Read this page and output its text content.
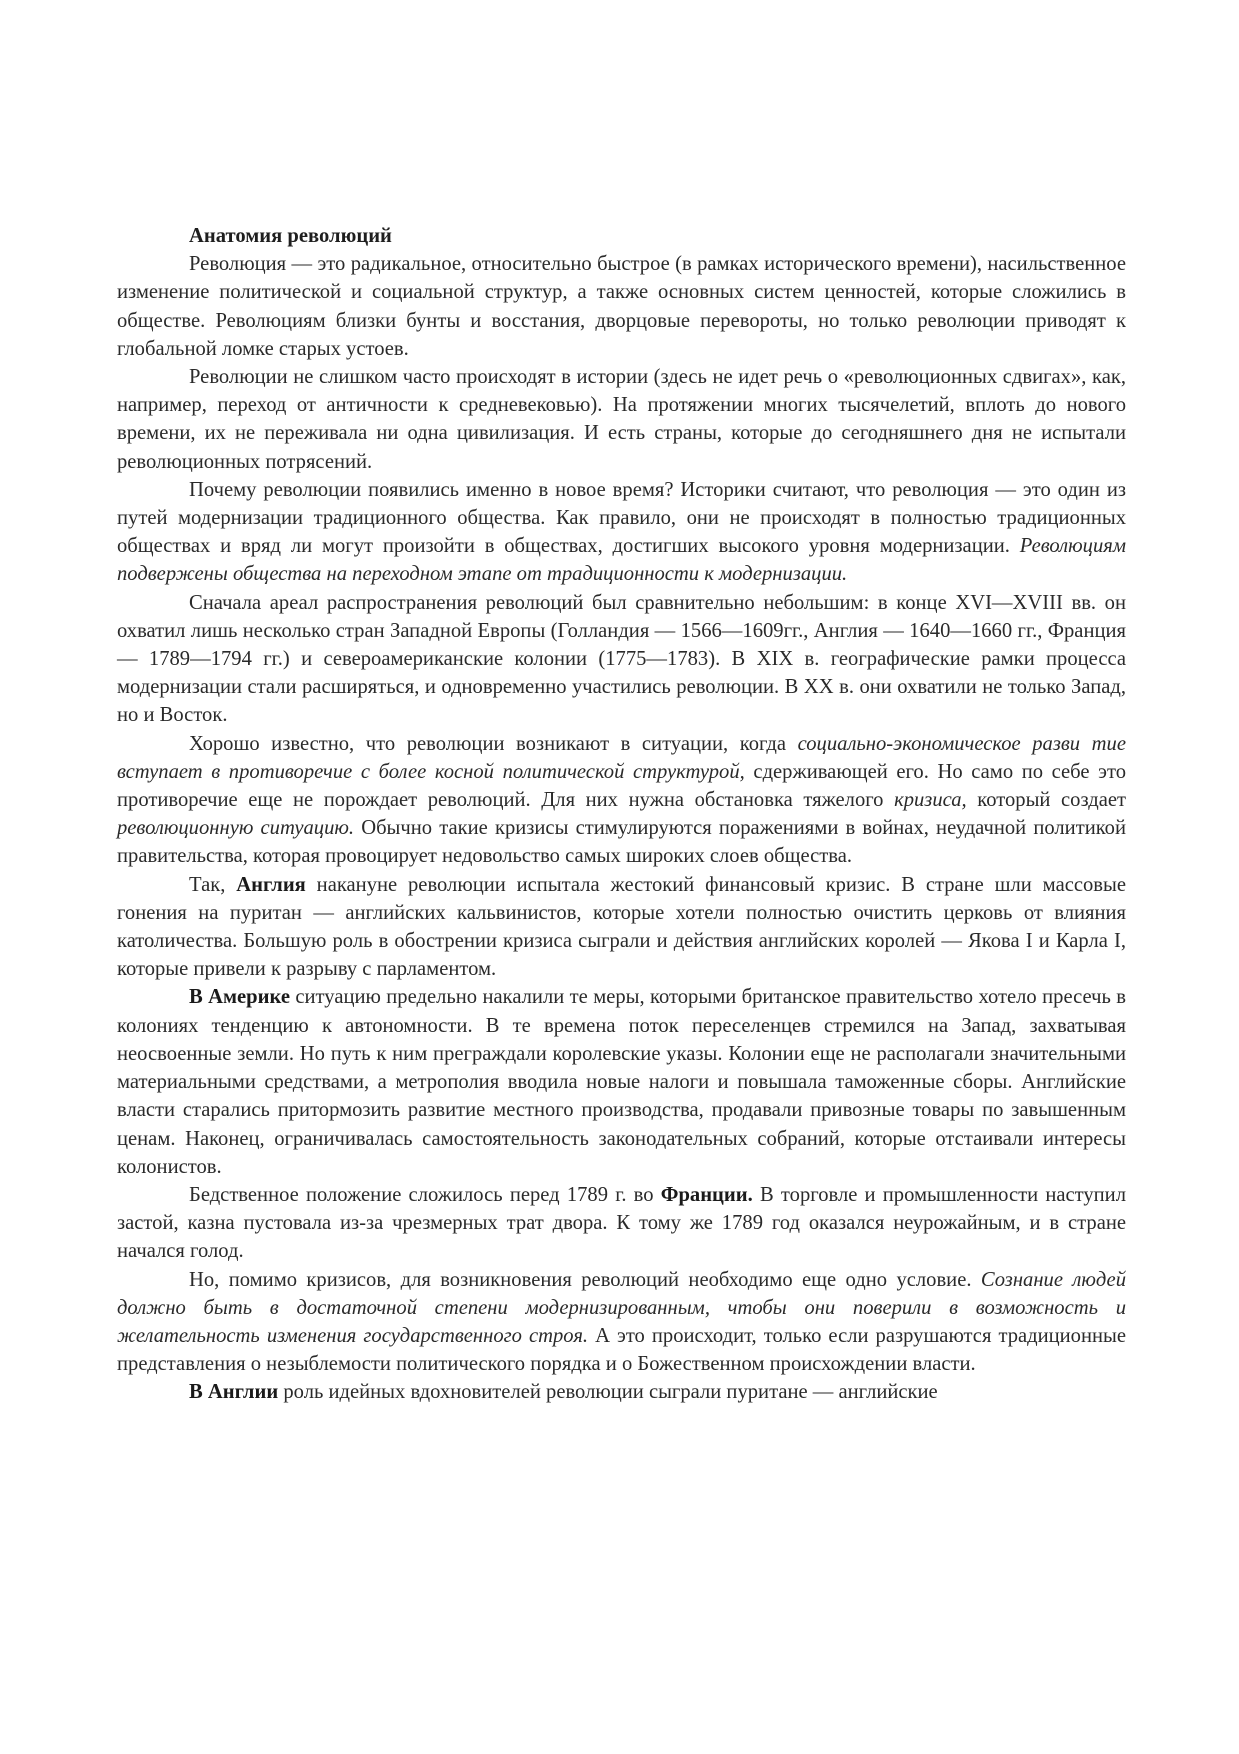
Анатомия революций

Революция — это радикальное, относительно быстрое (в рамках исторического времени), насильственное изменение политической и социальной структур, а также основных систем ценностей, которые сложились в обществе. Революциям близки бунты и восстания, дворцовые перевороты, но только революции приводят к глобальной ломке старых устоев.

Революции не слишком часто происходят в истории (здесь не идет речь о «революционных сдвигах», как, например, переход от античности к средневековью). На протяжении многих тысячелетий, вплоть до нового времени, их не переживала ни одна цивилизация. И есть страны, которые до сегодняшнего дня не испытали революционных потрясений.

Почему революции появились именно в новое время? Историки считают, что революция — это один из путей модернизации традиционного общества. Как правило, они не происходят в полностью традиционных обществах и вряд ли могут произойти в обществах, достигших высокого уровня модернизации. Революциям подвержены общества на переходном этапе от традиционности к модернизации.

Сначала ареал распространения революций был сравнительно небольшим: в конце XVI—XVIII вв. он охватил лишь несколько стран Западной Европы (Голландия — 1566—1609гг., Англия — 1640—1660 гг., Франция — 1789—1794 гг.) и североамериканские колонии (1775—1783). В XIX в. географические рамки процесса модернизации стали расширяться, и одновременно участились революции. В XX в. они охватили не только Запад, но и Восток.

Хорошо известно, что революции возникают в ситуации, когда социально-экономическое разви тие вступает в противоречие с более косной политической структурой, сдерживающей его. Но само по себе это противоречие еще не порождает революций. Для них нужна обстановка тяжелого кризиса, который создает революционную ситуацию. Обычно такие кризисы стимулируются поражениями в войнах, неудачной политикой правительства, которая провоцирует недовольство самых широких слоев общества.

Так, Англия накануне революции испытала жестокий финансовый кризис. В стране шли массовые гонения на пуритан — английских кальвинистов, которые хотели полностью очистить церковь от влияния католичества. Большую роль в обострении кризиса сыграли и действия английских королей — Якова I и Карла I, которые привели к разрыву с парламентом.

В Америке ситуацию предельно накалили те меры, которыми британское правительство хотело пресечь в колониях тенденцию к автономности. В те времена поток переселенцев стремился на Запад, захватывая неосвоенные земли. Но путь к ним преграждали королевские указы. Колонии еще не располагали значительными материальными средствами, а метрополия вводила новые налоги и повышала таможенные сборы. Английские власти старались притормозить развитие местного производства, продавали привозные товары по завышенным ценам. Наконец, ограничивалась самостоятельность законодательных собраний, которые отстаивали интересы колонистов.

Бедственное положение сложилось перед 1789 г. во Франции. В торговле и промышленности наступил застой, казна пустовала из-за чрезмерных трат двора. К тому же 1789 год оказался неурожайным, и в стране начался голод.

Но, помимо кризисов, для возникновения революций необходимо еще одно условие. Сознание людей должно быть в достаточной степени модернизированным, чтобы они поверили в возможность и желательность изменения государственного строя. А это происходит, только если разрушаются традиционные представления о незыблемости политического порядка и о Божественном происхождении власти.

В Англии роль идейных вдохновителей революции сыграли пуритане — английские
